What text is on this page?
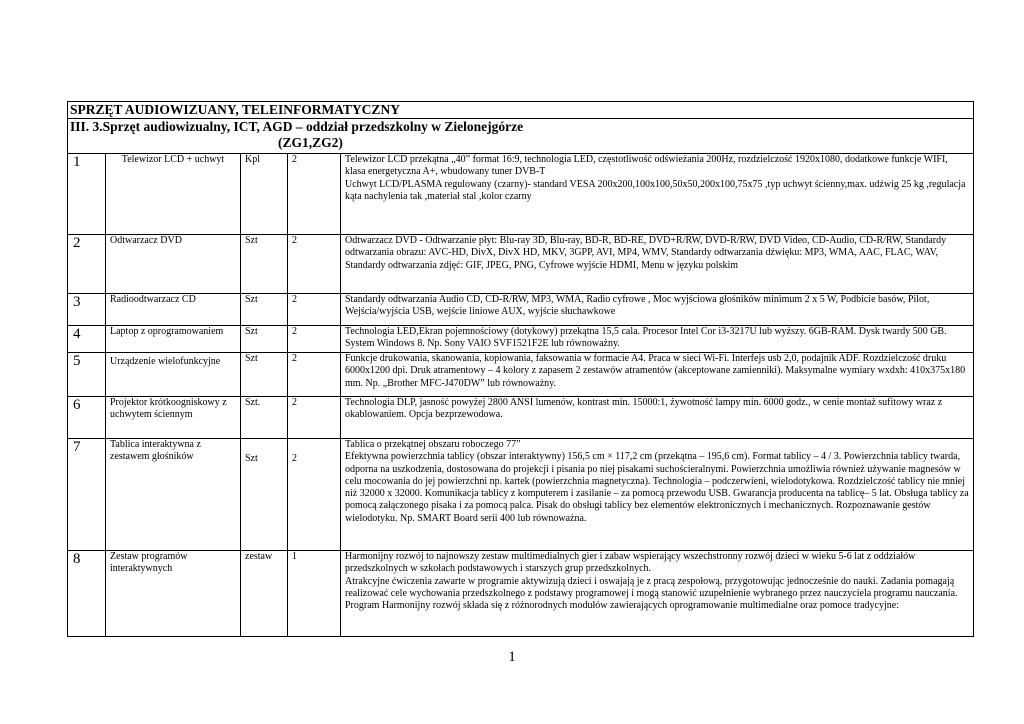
SPRZĘT AUDIOWIZUANY, TELEINFORMATYCZNY				
III. 3.Sprzęt audiowizualny, ICT, AGD – oddział przedszkolny w Zielonejgórze
(ZG1,ZG2)				

1	Telewizor LCD + uchwyt	Kpl	2	Telewizor LCD przekątna „40” format 16:9, technologia LED, częstotliwość odświeżania 200Hz, rozdzielczość 1920x1080, dodatkowe funkcje WIFI, klasa energetyczna A+, wbudowany tuner DVB-T
Uchwyt LCD/PLASMA regulowany (czarny)- standard VESA 200x200,100x100,50x50,200x100,75x75 ,typ uchwyt ścienny,max. udźwig 25 kg ,regulacja kąta nachylenia tak ,materiał stal ,kolor czarny
2	Odtwarzacz DVD	Szt	2	Odtwarzacz DVD - Odtwarzanie płyt: Blu-ray 3D, Blu-ray, BD-R, BD-RE, DVD+R/RW, DVD-R/RW, DVD Video, CD-Audio, CD-R/RW, Standardy odtwarzania obrazu: AVC-HD, DivX, DivX HD, MKV, 3GPP, AVI, MP4, WMV, Standardy odtwarzania dźwięku: MP3, WMA, AAC, FLAC, WAV, Standardy odtwarzania zdjęć: GIF, JPEG, PNG, Cyfrowe wyjście HDMI, Menu w języku polskim
3	Radioodtwarzacz CD	Szt	2	Standardy odtwarzania Audio CD, CD-R/RW, MP3, WMA, Radio cyfrowe , Moc wyjściowa głośników minimum 2 x 5 W, Podbicie basów, Pilot, Wejścia/wyjścia USB, wejście liniowe AUX, wyjście słuchawkowe
4	Laptop z oprogramowaniem	Szt	2	Technologia LED,Ekran pojemnościowy (dotykowy) przekątna 15,5 cala. Procesor Intel Cor i3-3217U lub wyższy. 6GB-RAM. Dysk twardy 500 GB. System Windows 8. Np. Sony VAIO SVF1521F2E lub równoważny.
5	Urządzenie wielofunkcyjne	Szt	2	Funkcje drukowania, skanowania, kopiowania, faksowania w formacie A4. Praca w sieci Wi-Fi. Interfejs usb 2,0, podajnik ADF. Rozdzielczość druku 6000x1200 dpi. Druk atramentowy – 4 kolory z zapasem 2 zestawów atramentów (akceptowane zamienniki). Maksymalne wymiary wxdxh: 410x375x180 mm. Np. „Brother MFC-J470DW” lub równoważny.
6	Projektor krótkoogniskowy z uchwytem ściennym	Szt.	2	Technologia DLP, jasność powyżej 2800 ANSI lumenów, kontrast min. 15000:1, żywotność lampy min. 6000 godz., w cenie montaż sufitowy wraz z okablowaniem. Opcja bezprzewodowa.
7	Tablica interaktywna z zestawem głośników	Szt	2	Tablica o przekątnej obszaru roboczego 77”
Efektywna powierzchnia tablicy (obszar interaktywny) 156,5 cm × 117,2 cm (przekątna – 195,6 cm). Format tablicy – 4 / 3. Powierzchnia tablicy twarda, odporna na uszkodzenia, dostosowana do projekcji i pisania po niej pisakami suchościeralnymi. Powierzchnia umożliwia również używanie magnesów w celu mocowania do jej powierzchni np. kartek (powierzchnia magnetyczna). Technologia – podczerwieni, wielodotykowa. Rozdzielczość tablicy nie mniej niż 32000 x 32000. Komunikacja tablicy z komputerem i zasilanie – za pomocą przewodu USB. Gwarancja producenta na tablicę– 5 lat. Obsługa tablicy za pomocą załączonego pisaka i za pomocą palca. Pisak do obsługi tablicy bez elementów elektronicznych i mechanicznych. Rozpoznawanie gestów wielodotyku. Np. SMART Board serii 400 lub równoważna.
8	Zestaw programów interaktywnych	zestaw	1	Harmonijny rozwój to najnowszy zestaw multimedialnych gier i zabaw wspierający wszechstronny rozwój dzieci w wieku 5-6 lat z oddziałów przedszkolnych w szkołach podstawowych i starszych grup przedszkolnych.
Atrakcyjne ćwiczenia zawarte w programie aktywizują dzieci i oswajają je z pracą zespołową, przygotowując jednocześnie do nauki. Zadania pomagają realizować cele wychowania przedszkolnego z podstawy programowej i mogą stanowić uzupełnienie wybranego przez nauczyciela programu nauczania. Program Harmonijny rozwój składa się z różnorodnych modułów zawierających oprogramowanie multimedialne oraz pomoce tradycyjne:
1
